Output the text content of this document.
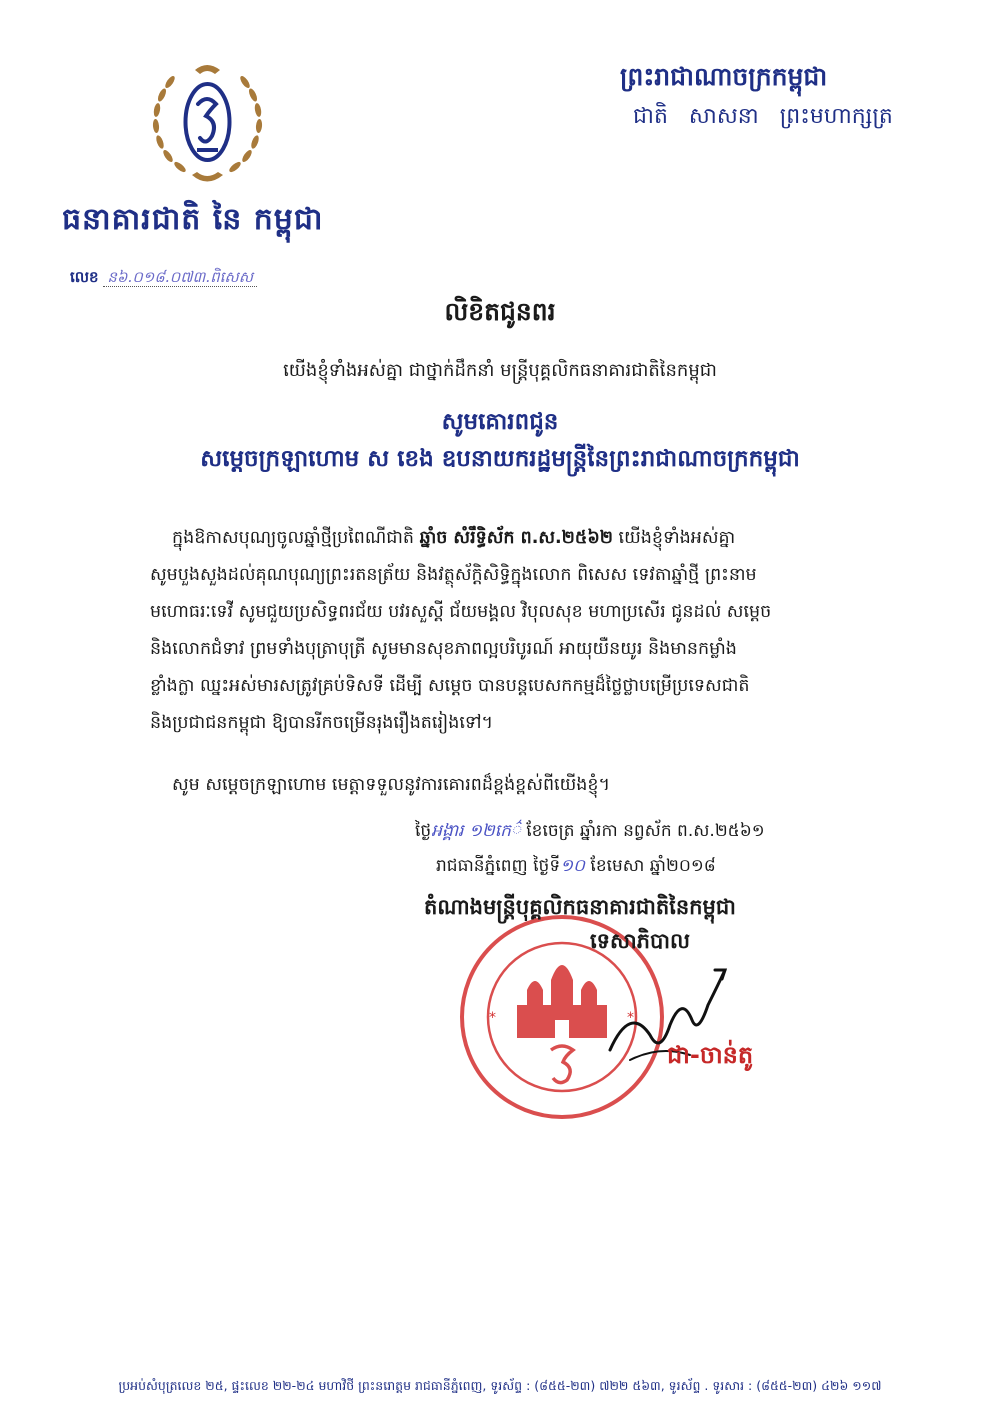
ធនាគារជាតិ នៃ កម្ពុជា
ព្រះរាជាណាចក្រកម្ពុជា
ជាតិ សាសនា ព្រះមហាក្សត្រ
លេខ ន៦.០១៨.០៧៣.ពិសេស
លិខិតជូនពរ
យើងខ្ញុំទាំងអស់គ្នា ជាថ្នាក់ដឹកនាំ មន្ត្រីបុគ្គលិកធនាគារជាតិនៃកម្ពុជា
សូមគោរពជូន
សម្តេចក្រឡាហោម ស ខេង ឧបនាយករដ្ឋមន្ត្រីនៃព្រះរាជាណាចក្រកម្ពុជា
ក្នុងឱកាសបុណ្យចូលឆ្នាំថ្មីប្រពៃណីជាតិ ឆ្នាំច សំរឹទ្ធិស័ក ព.ស.២៥៦២ យើងខ្ញុំទាំងអស់គ្នា
សូមបួងសួងដល់គុណបុណ្យព្រះរតនត្រ័យ និងវត្ថុស័ក្តិសិទ្ធិក្នុងលោក ពិសេស ទេវតាឆ្នាំថ្មី ព្រះនាម
មហោធរៈទេវី សូមជួយប្រសិទ្ធពរជ័យ បវរសួស្តី ជ័យមង្គល វិបុលសុខ មហាប្រសើរ ជូនដល់ សម្តេច
និងលោកជំទាវ ព្រមទាំងបុត្រាបុត្រី សូមមានសុខភាពល្អបរិបូរណ៍ អាយុយឺនយូរ និងមានកម្លាំង
ខ្លាំងក្លា ឈ្នះអស់មារសត្រូវគ្រប់ទិសទី ដើម្បី សម្តេច បានបន្តបេសកកម្មដ៏ថ្លៃថ្លាបម្រើប្រទេសជាតិ
និងប្រជាជនកម្ពុជា ឱ្យបានរីកចម្រើនរុងរឿងតរៀងទៅ។
សូម សម្តេចក្រឡាហោម មេត្តាទទួលនូវការគោរពដ៏ខ្ពង់ខ្ពស់ពីយើងខ្ញុំ។
ថ្ងៃអង្គារ ១២កេ៌ ខែចេត្រ ឆ្នាំរកា នព្វស័ក ព.ស.២៥៦១
រាជធានីភ្នំពេញ ថ្ងៃទី១០ ខែមេសា ឆ្នាំ២០១៨
*	*
តំណាងមន្ត្រីបុគ្គលិកធនាគារជាតិនៃកម្ពុជា
ទេសាភិបាល
ជា-ចាន់តូ
ប្រអប់សំបុត្រលេខ ២៥, ផ្ទះលេខ ២២-២៤ មហាវិថី ព្រះនរោត្តម រាជធានីភ្នំពេញ, ទូរស័ព្ទ : (៨៥៥-២៣) ៧២២ ៥៦៣, ទូរស័ព្ទ . ទូរសារ : (៨៥៥-២៣) ៤២៦ ១១៧
